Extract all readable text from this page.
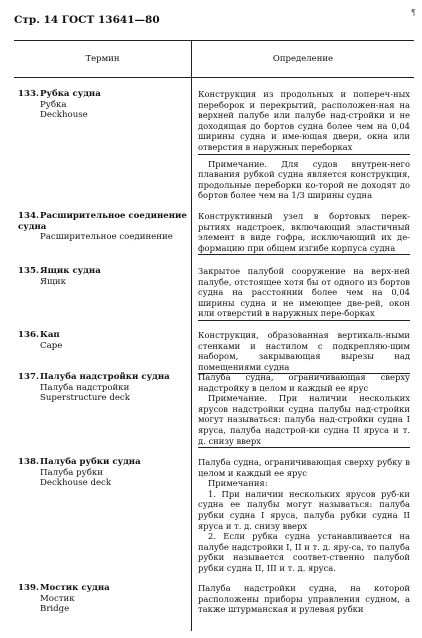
Стр. 14 ГОСТ 13641—80
¶
Термин	Определение
133.Рубка судна
Рубка
Deckhouse

Конструкция из продольных и попереч-ных переборок и перекрытий, расположен-ная на верхней палубе или палубе над-стройки и не доходящая до бортов судна более чем на 0,04 ширины судна и име-ющая двери, окна или отверстия в наружных переборках

Примечание. Для судов внутрен-него плавания рубкой судна является конструкция, продольные переборки ко-торой не доходят до бортов более чем на 1/3 ширины судна

134.Расширительное соединение судна
Расширительное соединение

Конструктивный узел в бортовых перек-рытиях надстроек, включающий эластичный элемент в виде гофра, исключающий их де-формацию при общем изгибе корпуса судна

135.Ящик судна
Ящик

Закрытое палубой сооружение на верх-ней палубе, отстоящее хотя бы от одного из бортов судна на расстоянии более чем на 0,04 ширины судна и не имеющее две-рей, окон или отверстий в наружных пере-борках

136.Кап
Cape

Конструкция, образованная вертикаль-ными стенками и настилом с подкрепляю-щим набором, закрывающая вырезы над помещениями судна

137.Палуба надстройки судна
Палуба надстройки
Superstructure deck

Палуба судна, ограничивающая сверху надстройку в целом и каждый ее ярус

Примечание. При наличии нескольких ярусов надстройки судна палубы над-стройки могут называться: палуба над-стройки судна I яруса, палуба надстрой-ки судна II яруса и т. д. снизу вверх

138.Палуба рубки судна
Палуба рубки
Deckhouse deck

Палуба судна, ограничивающая сверху рубку в целом и каждый ее ярус

Примечания:

1. При наличии нескольких ярусов руб-ки судна ее палубы могут называться: палуба рубки судна I яруса, палуба рубки судна II яруса и т. д. снизу вверх

2. Если рубка судна устанавливается на палубе надстройки I, II и т. д. яру-са, то палуба рубки называется соответ-ственно палубой рубки судна II, III и т. д. яруса.

139.Мостик судна
Мостик
Bridge

Палуба надстройки судна, на которой расположены приборы управления судном, а также штурманская и рулевая рубки
